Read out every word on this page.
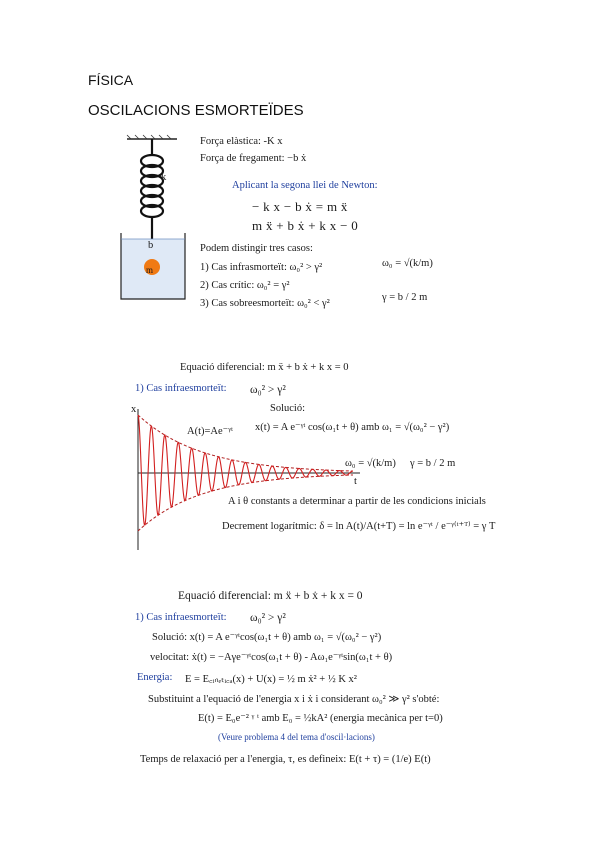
FÍSICA
OSCILACIONS ESMORTEÏDES
k
b
m
Força elàstica: -K x
Força de fregament: −b ẋ
Aplicant la segona llei de Newton:
− k x − b ẋ = m ẍ
m ẍ + b ẋ + k x − 0
Podem distingir tres casos:
1) Cas infrasmorteït: ω₀² > γ²
2) Cas crític: ω₀² = γ²
3) Cas sobreesmorteït: ω₀² < γ²
ω₀ = √(k/m)
γ = b / 2 m
Equació diferencial: m ẍ + b ẋ + k x = 0
1) Cas infraesmorteït: ω₀² > γ²
Solució:
x(t) = A e⁻ᵞᵗ cos(ω₁t + θ) amb ω₁ = √(ω₀² − γ²)
x
t
A(t)=Ae⁻ᵞᵗ
ω₀ = √(k/m) γ = b / 2 m
A i θ constants a determinar a partir de les condicions inicials
Decrement logarítmic: δ = ln A(t)/A(t+T) = ln e⁻ᵞᵗ / e⁻ᵞ⁽ᵗ⁺ᵀ⁾ = γ T
Equació diferencial: m ẍ + b ẋ + k x = 0
1) Cas infraesmorteït: ω₀² > γ²
Solució: x(t) = A e⁻ᵞᵗcos(ω₁t + θ) amb ω₁ = √(ω₀² − γ²)
velocitat: ẋ(t) = −Aγe⁻ᵞᵗcos(ω₁t + θ) - Aω₁e⁻ᵞᵗsin(ω₁t + θ)
Energia: E = E꜀ᵢₙₑₜᵢ꜀ₐ(x) + U(x) = ½ m ẋ² + ½ K x²
Substituint a l'equació de l'energia x i ẋ i considerant ω₀² ≫ γ² s'obté:
E(t) = E₀e⁻² ᵞ ᵗ amb E₀ = ½kA² (energia mecànica per t=0)
(Veure problema 4 del tema d'oscil·lacions)
Temps de relaxació per a l'energia, τ, es defineix: E(t + τ) = (1/e) E(t)
